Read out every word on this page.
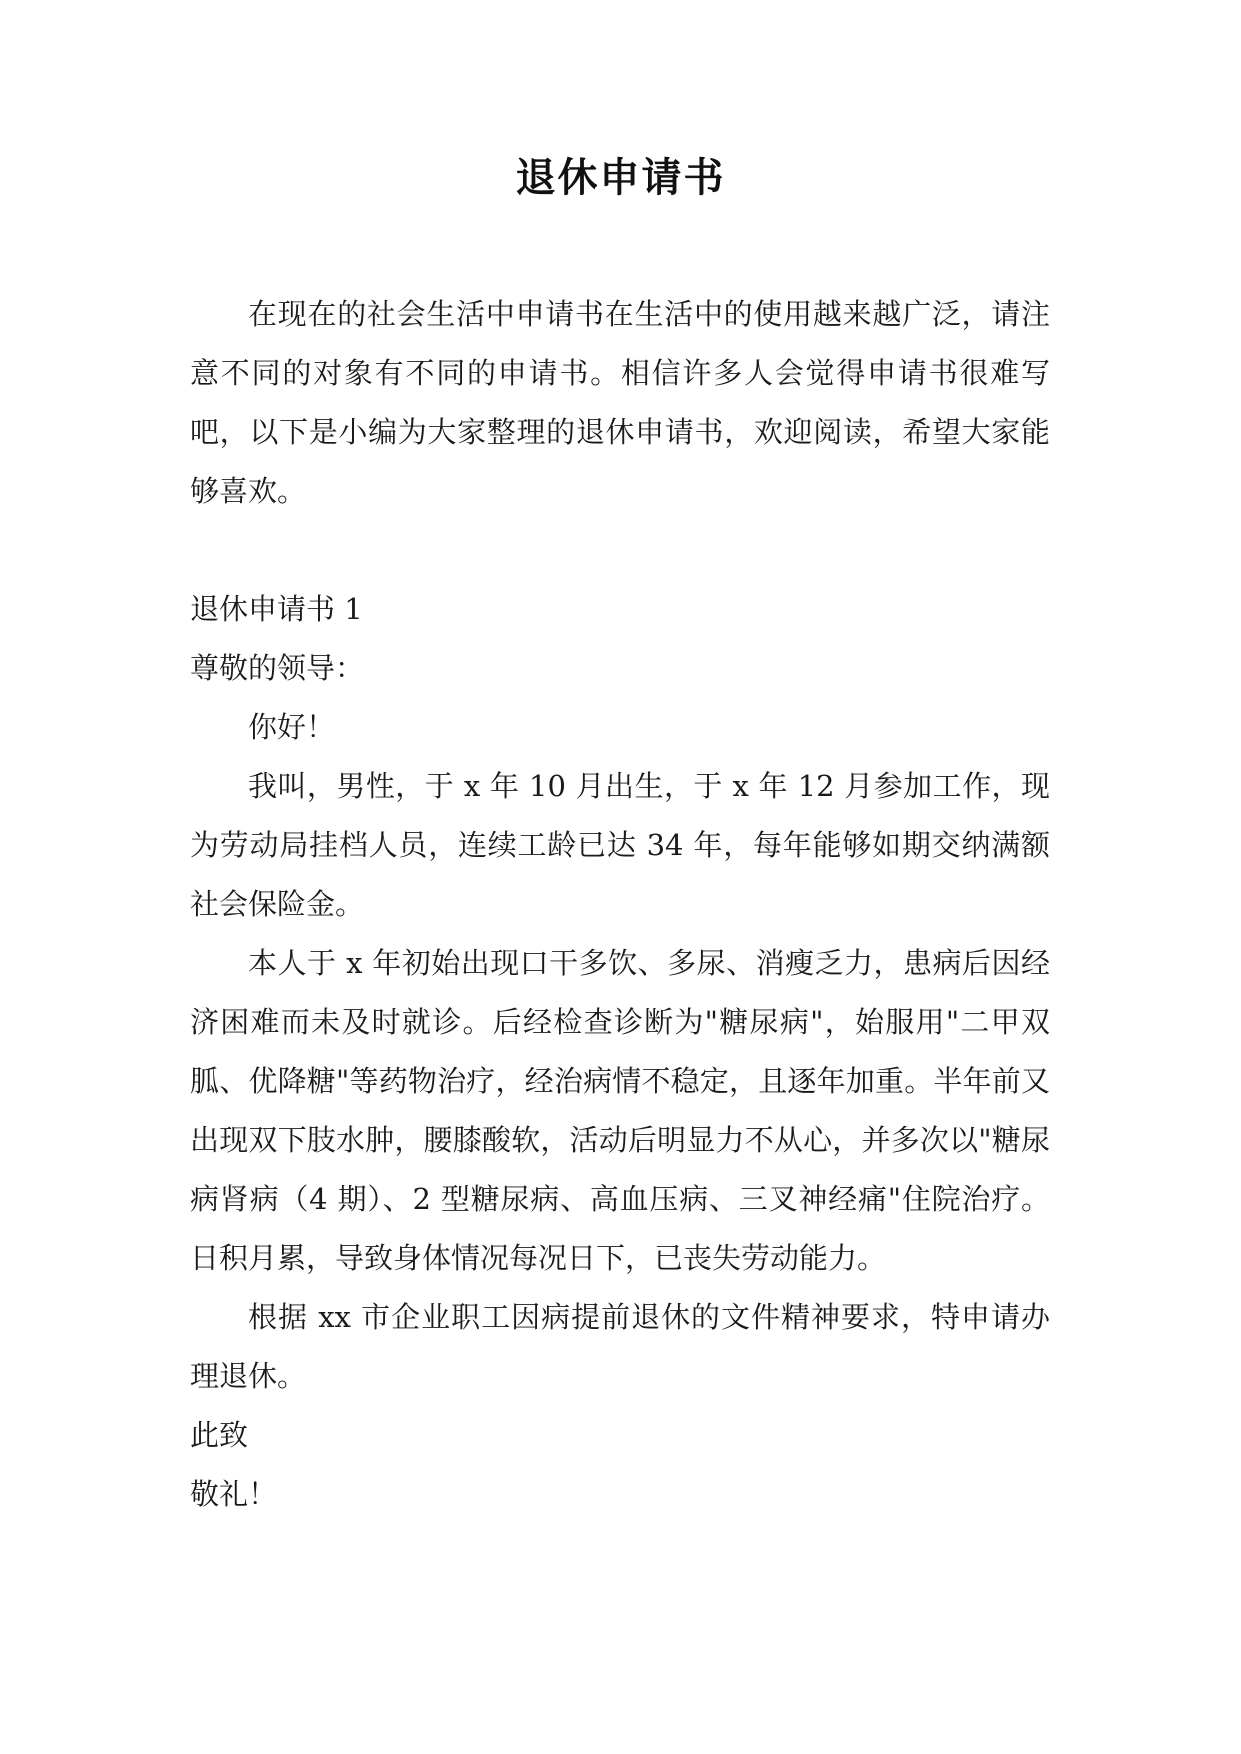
退休申请书

在现在的社会生活中申请书在生活中的使用越来越广泛，请注意不同的对象有不同的申请书。相信许多人会觉得申请书很难写吧，以下是小编为大家整理的退休申请书，欢迎阅读，希望大家能够喜欢。

退休申请书 1

尊敬的领导：

你好！

我叫，男性，于 x 年 10 月出生，于 x 年 12 月参加工作，现为劳动局挂档人员，连续工龄已达 34 年，每年能够如期交纳满额社会保险金。

本人于 x 年初始出现口干多饮、多尿、消瘦乏力，患病后因经济困难而未及时就诊。后经检查诊断为"糖尿病"，始服用"二甲双胍、优降糖"等药物治疗，经治病情不稳定，且逐年加重。半年前又出现双下肢水肿，腰膝酸软，活动后明显力不从心，并多次以"糖尿病肾病（4 期）、2 型糖尿病、高血压病、三叉神经痛"住院治疗。日积月累，导致身体情况每况日下，已丧失劳动能力。

根据 xx 市企业职工因病提前退休的文件精神要求，特申请办理退休。

此致

敬礼！
